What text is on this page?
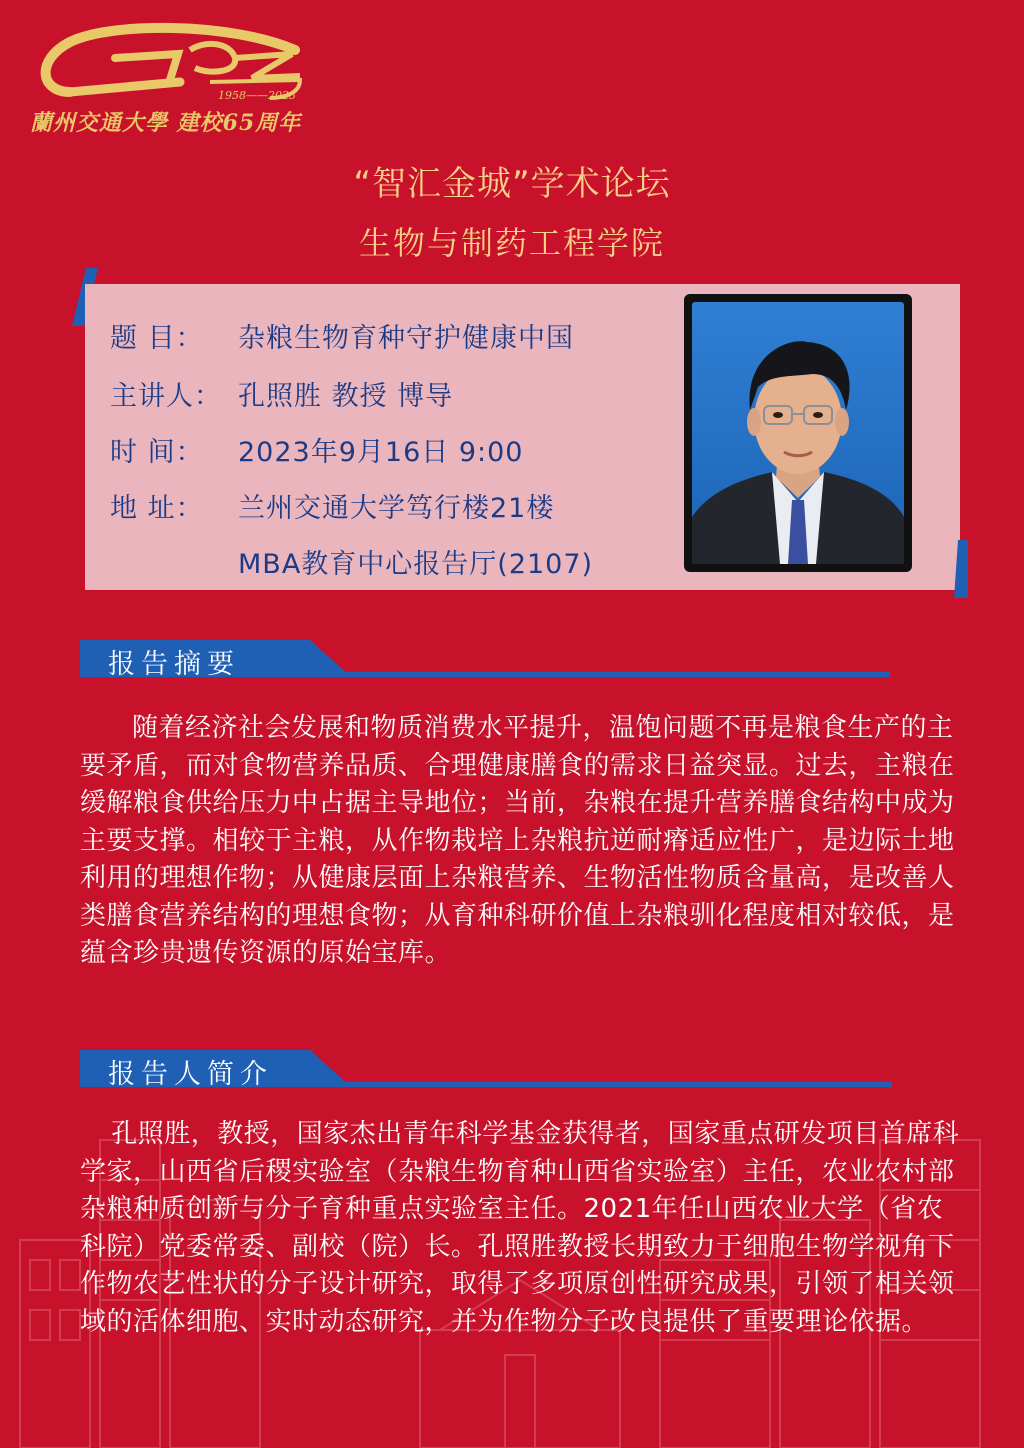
1958——2023
蘭州交通大學 建校65周年
“智汇金城”学术论坛
生物与制药工程学院
题 目： 杂粮生物育种守护健康中国
主讲人： 孔照胜 教授 博导
时 间： 2023年9月16日 9:00
地 址： 兰州交通大学笃行楼21楼
MBA教育中心报告厅(2107)
报告摘要

随着经济社会发展和物质消费水平提升，温饱问题不再是粮食生产的主要矛盾，而对食物营养品质、合理健康膳食的需求日益突显。过去，主粮在缓解粮食供给压力中占据主导地位；当前，杂粮在提升营养膳食结构中成为主要支撑。相较于主粮，从作物栽培上杂粮抗逆耐瘠适应性广，是边际土地利用的理想作物；从健康层面上杂粮营养、生物活性物质含量高，是改善人类膳食营养结构的理想食物；从育种科研价值上杂粮驯化程度相对较低，是蕴含珍贵遗传资源的原始宝库。

报告人简介

孔照胜，教授，国家杰出青年科学基金获得者，国家重点研发项目首席科学家，山西省后稷实验室（杂粮生物育种山西省实验室）主任，农业农村部杂粮种质创新与分子育种重点实验室主任。2021年任山西农业大学（省农科院）党委常委、副校（院）长。孔照胜教授长期致力于细胞生物学视角下作物农艺性状的分子设计研究，取得了多项原创性研究成果，引领了相关领域的活体细胞、实时动态研究，并为作物分子改良提供了重要理论依据。
